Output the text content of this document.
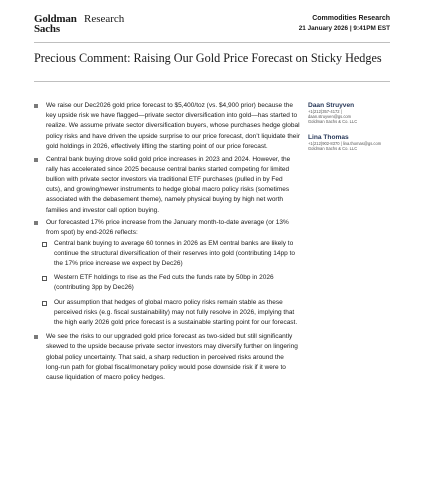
Goldman
Sachs
Research	Commodities Research
21 January 2026 | 9:41PM EST
Precious Comment: Raising Our Gold Price Forecast on Sticky Hedges
We raise our Dec2026 gold price forecast to $5,400/toz (vs. $4,900 prior) because the key upside risk we have flagged—private sector diversification into gold—has started to realize. We assume private sector diversification buyers, whose purchases hedge global policy risks and have driven the upside surprise to our price forecast, don’t liquidate their gold holdings in 2026, effectively lifting the starting point of our price forecast.
Central bank buying drove solid gold price increases in 2023 and 2024. However, the rally has accelerated since 2025 because central banks started competing for limited bullion with private sector investors via traditional ETF purchases (pulled in by Fed cuts), and growing/newer instruments to hedge global macro policy risks (sometimes associated with the debasement theme), namely physical buying by high net worth families and investor call option buying.
Our forecasted 17% price increase from the January month-to-date average (or 13% from spot) by end-2026 reflects:
Central bank buying to average 60 tonnes in 2026 as EM central banks are likely to continue the structural diversification of their reserves into gold (contributing 14pp to the 17% price increase we expect by Dec26)
Western ETF holdings to rise as the Fed cuts the funds rate by 50bp in 2026 (contributing 3pp by Dec26)
Our assumption that hedges of global macro policy risks remain stable as these perceived risks (e.g. fiscal sustainability) may not fully resolve in 2026, implying that the high early 2026 gold price forecast is a sustainable starting point for our forecast.
We see the risks to our upgraded gold price forecast as two-sided but still significantly skewed to the upside because private sector investors may diversify further on lingering global policy uncertainty. That said, a sharp reduction in perceived risks around the long-run path for global fiscal/monetary policy would pose downside risk if it were to cause liquidation of macro policy hedges.
Daan Struyven
+1(212)357-4172 |
daan.struyven@gs.com
Goldman Sachs & Co. LLC
Lina Thomas
+1(212)902-8370 | lina.thomas@gs.com
Goldman Sachs & Co. LLC
